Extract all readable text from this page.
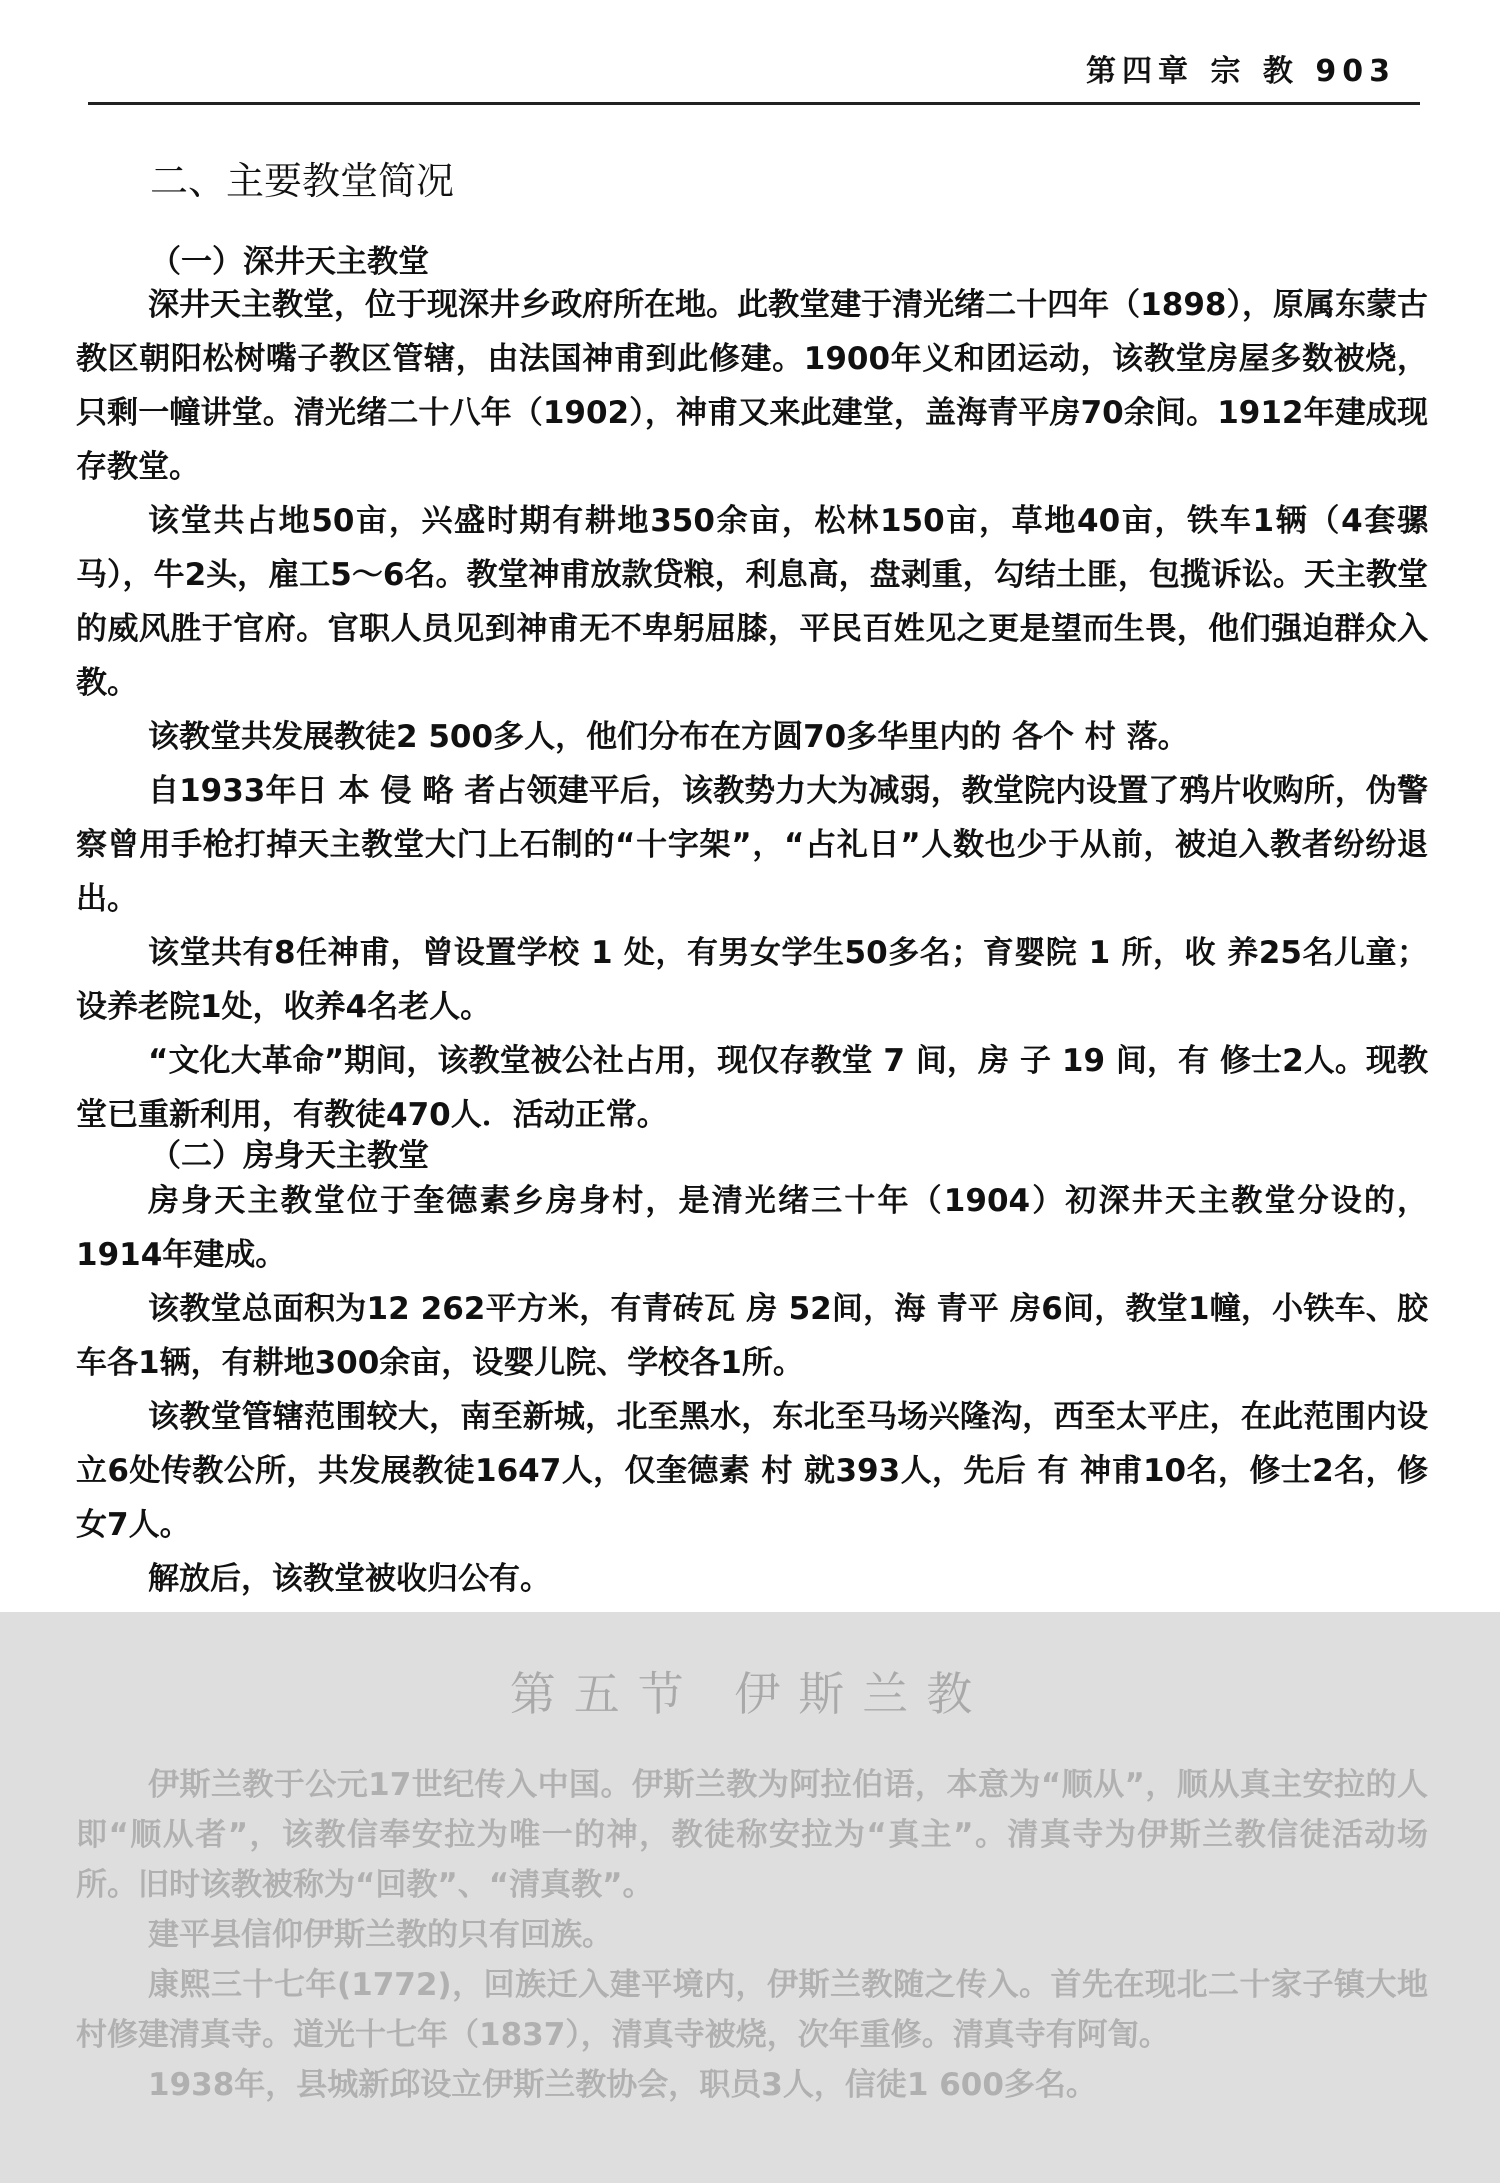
第四章 宗 教 903
二、主要教堂简况
（一）深井天主教堂

深井天主教堂，位于现深井乡政府所在地。此教堂建于清光绪二十四年（1898），原属东蒙古教区朝阳松树嘴子教区管辖，由法国神甫到此修建。1900年义和团运动，该教堂房屋多数被烧，只剩一幢讲堂。清光绪二十八年（1902），神甫又来此建堂，盖海青平房70余间。1912年建成现存教堂。

该堂共占地50亩，兴盛时期有耕地350余亩，松林150亩，草地40亩，铁车1辆（4套骡马），牛2头，雇工5～6名。教堂神甫放款贷粮，利息高，盘剥重，勾结土匪，包揽诉讼。天主教堂的威风胜于官府。官职人员见到神甫无不卑躬屈膝，平民百姓见之更是望而生畏，他们强迫群众入教。

该教堂共发展教徒2 500多人，他们分布在方圆70多华里内的 各个 村 落。

自1933年日 本 侵 略 者占领建平后，该教势力大为减弱，教堂院内设置了鸦片收购所，伪警察曾用手枪打掉天主教堂大门上石制的“十字架”，“占礼日”人数也少于从前，被迫入教者纷纷退出。

该堂共有8任神甫，曾设置学校 1 处，有男女学生50多名；育婴院 1 所，收 养25名儿童；设养老院1处，收养4名老人。

“文化大革命”期间，该教堂被公社占用，现仅存教堂 7 间，房 子 19 间，有 修士2人。现教堂已重新利用，有教徒470人．活动正常。

（二）房身天主教堂

房身天主教堂位于奎德素乡房身村，是清光绪三十年（1904）初深井天主教堂分设的，1914年建成。

该教堂总面积为12 262平方米，有青砖瓦 房 52间，海 青平 房6间，教堂1幢，小铁车、胶车各1辆，有耕地300余亩，设婴儿院、学校各1所。

该教堂管辖范围较大，南至新城，北至黑水，东北至马场兴隆沟，西至太平庄，在此范围内设立6处传教公所，共发展教徒1647人，仅奎德素 村 就393人，先后 有 神甫10名，修士2名，修女7人。

解放后，该教堂被收归公有。

第五节 伊斯兰教

伊斯兰教于公元17世纪传入中国。伊斯兰教为阿拉伯语，本意为“顺从”，顺从真主安拉的人即“顺从者”，该教信奉安拉为唯一的神，教徒称安拉为“真主”。清真寺为伊斯兰教信徒活动场所。旧时该教被称为“回教”、“清真教”。

建平县信仰伊斯兰教的只有回族。

康熙三十七年(1772)，回族迁入建平境内，伊斯兰教随之传入。首先在现北二十家子镇大地村修建清真寺。道光十七年（1837），清真寺被烧，次年重修。清真寺有阿訇。

1938年，县城新邱设立伊斯兰教协会，职员3人，信徒1 600多名。
